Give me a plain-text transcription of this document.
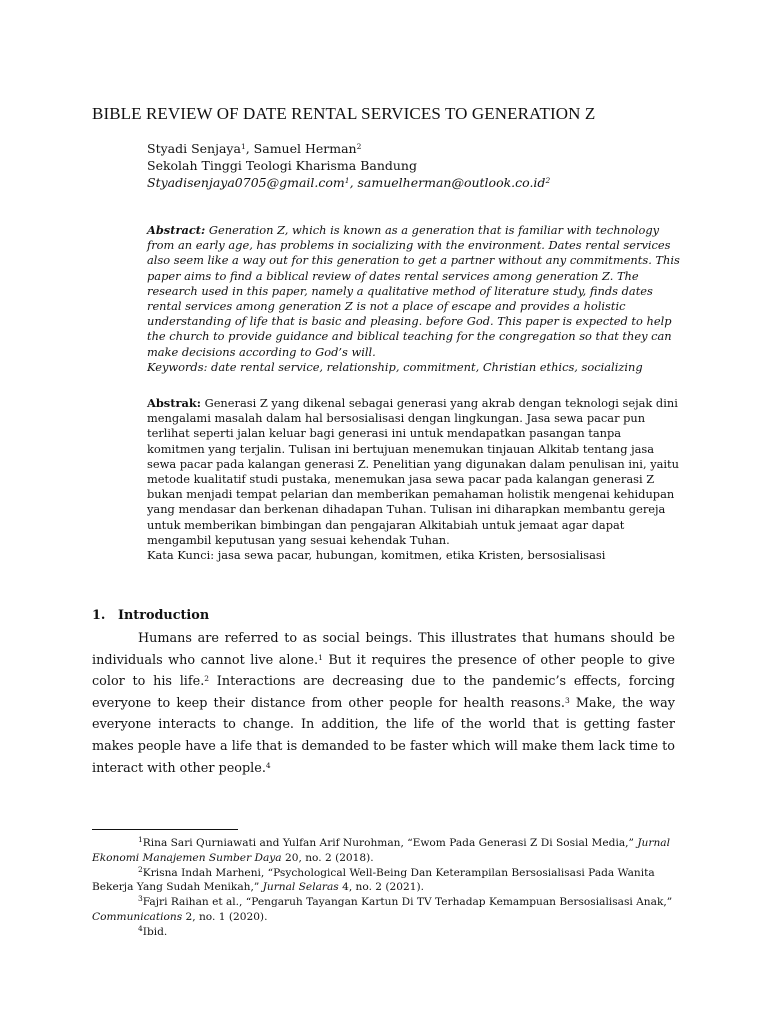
BIBLE REVIEW OF DATE RENTAL SERVICES TO GENERATION Z
Styadi Senjaya$^1$, Samuel Herman$^2$
Sekolah Tinggi Teologi Kharisma Bandung
Styadisenjaya0705@gmail.com$^1$, $samuelherman@outlook.co.id^2$

Abstract: Generation Z, which is known as a generation that is familiar with technology from an early age, has problems in socializing with the environment. Dates rental services also seem like a way out for this generation to get a partner without any commitments. This paper aims to find a biblical review of dates rental services among generation Z. The research used in this paper, namely a qualitative method of literature study, finds dates rental services among generation Z is not a place of escape and provides a holistic understanding of life that is basic and pleasing. before God. This paper is expected to help the church to provide guidance and biblical teaching for the congregation so that they can make decisions according to God’s will.

Keywords: date rental service, relationship, commitment, Christian ethics, socializing

Abstrak: Generasi Z yang dikenal sebagai generasi yang akrab dengan teknologi sejak dini mengalami masalah dalam hal bersosialisasi dengan lingkungan. Jasa sewa pacar pun terlihat seperti jalan keluar bagi generasi ini untuk mendapatkan pasangan tanpa komitmen yang terjalin. Tulisan ini bertujuan menemukan tinjauan Alkitab tentang jasa sewa pacar pada kalangan generasi Z. Penelitian yang digunakan dalam penulisan ini, yaitu metode kualitatif studi pustaka, menemukan jasa sewa pacar pada kalangan generasi Z bukan menjadi tempat pelarian dan memberikan pemahaman holistik mengenai kehidupan yang mendasar dan berkenan dihadapan Tuhan. Tulisan ini diharapkan membantu gereja untuk memberikan bimbingan dan pengajaran Alkitabiah untuk jemaat agar dapat mengambil keputusan yang sesuai kehendak Tuhan.

Kata Kunci: jasa sewa pacar, hubungan, komitmen, etika Kristen, bersosialisasi

1. Introduction

Humans are referred to as social beings. This illustrates that humans should be individuals who cannot live alone.$^1$ But it requires the presence of other people to give color to his life.$^2$ Interactions are decreasing due to the pandemic’s effects, forcing everyone to keep their distance from other people for health reasons.$^3$ Make, the way everyone interacts to change. In addition, the life of the world that is getting faster makes people have a life that is demanded to be faster which will make them lack time to interact with other people.$^4$

$^1$Rina Sari Qurniawati and Yulfan Arif Nurohman, “Ewom Pada Generasi Z Di Sosial Media,” Jurnal Ekonomi Manajemen Sumber Daya 20, no. 2 (2018).

$^2$Krisna Indah Marheni, “Psychological Well-Being Dan Keterampilan Bersosialisasi Pada Wanita Bekerja Yang Sudah Menikah,” Jurnal Selaras 4, no. 2 (2021).

$^3$Fajri Raihan et al., “Pengaruh Tayangan Kartun Di TV Terhadap Kemampuan Bersosialisasi Anak,” Communications 2, no. 1 (2020).

$^4$Ibid.
